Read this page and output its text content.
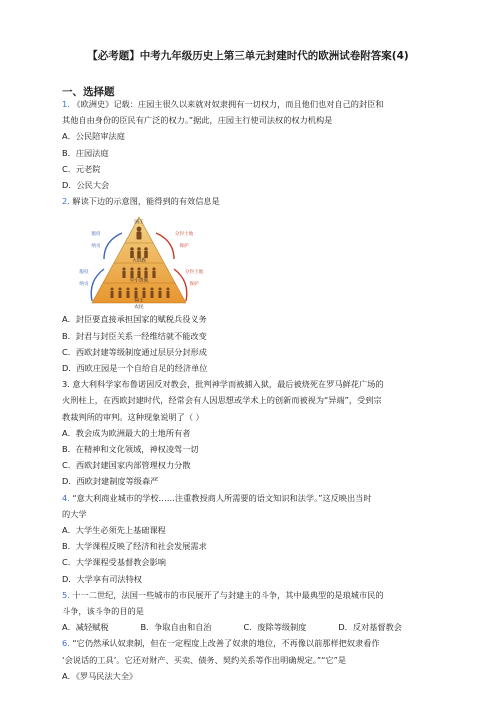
【必考题】中考九年级历史上第三单元封建时代的欧洲试卷附答案(4)
一、选择题
1. 《欧洲史》记载：庄园主很久以来就对奴隶拥有一切权力，而且他们也对自己的封臣和
其他自由身份的臣民有广泛的权力。”据此，庄园主行使司法权的权力机构是
A．公民陪审法庭
B．庄园法庭
C．元老院
D．公民大会
2. 解读下边的示意图，能得到的有效信息是
国王
大贵族
中小贵族
骑士
农民
服役
纳贡
服役
纳贡
分封土地
保护
分封土地
保护
A．封臣要直接承担国家的赋税兵役义务
B．封君与封臣关系一经维结就不能改变
C．西欧封建等级制度通过层层分封形成
D．西欧庄园是一个自给自足的经济单位
3. 意大利科学家布鲁诺因反对教会，批判神学而被捕入狱，最后被烧死在罗马鲜花广场的
火刑柱上，在西欧封建时代，经常会有人因思想或学术上的创新而被视为“异端”，受到宗
教裁判所的审判。这种现象说明了（ ）
A．教会成为欧洲最大的土地所有者
B．在精神和文化领域，神权凌驾一切
C．西欧封建国家内部管理权力分散
D．西欧封建制度等级森严
4. “意大利商业城市的学校……注重教授商人所需要的语文知识和法学。”这反映出当时
的大学
A．大学生必须先上基础课程
B．大学课程反映了经济和社会发展需求
C．大学课程受基督教会影响
D．大学享有司法特权
5. 十一二世纪，法国一些城市的市民展开了与封建主的斗争，其中最典型的是琅城市民的
斗争，该斗争的目的是
A．减轻赋税	B．争取自由和自治	C．废除等级制度	D．反对基督教会
6. “它仍然承认奴隶制，但在一定程度上改善了奴隶的地位，不再像以前那样把奴隶看作
‘会说话的工具’。它还对财产、买卖、债务、契约关系等作出明确规定。”“它”是
A．《罗马民法大全》
